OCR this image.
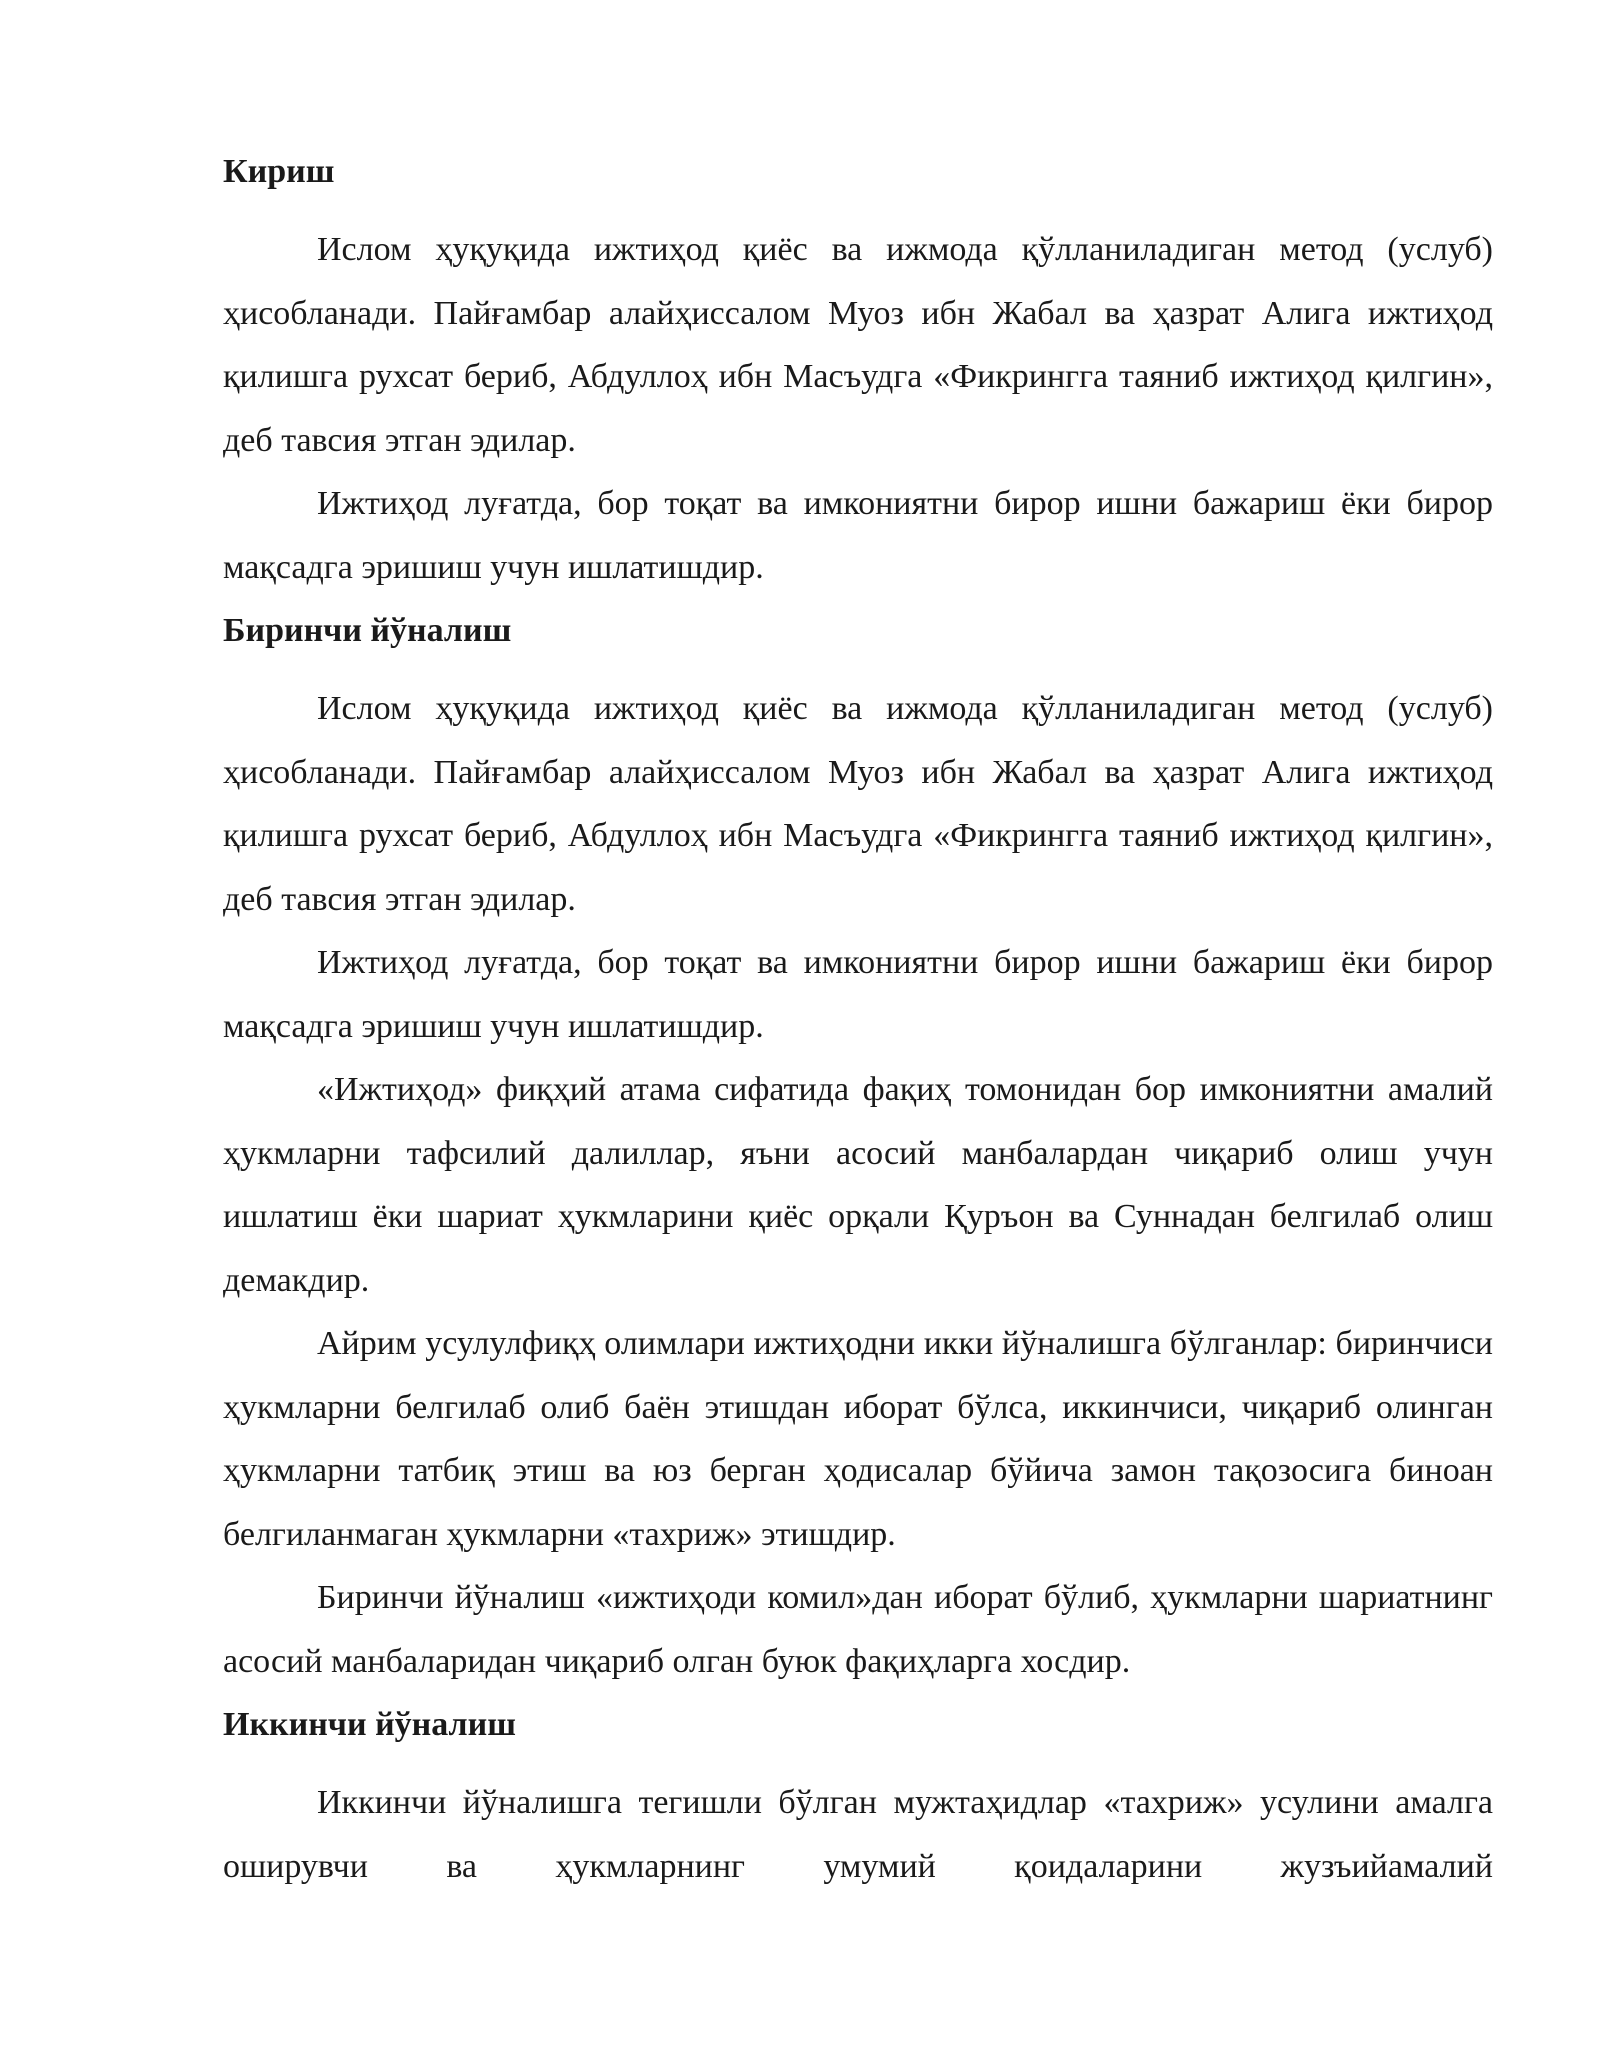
Кириш

Ислом ҳуқуқида ижтиҳод қиёс ва ижмода қўлланиладиган метод (услуб) ҳисобланади. Пайғамбар алайҳиссалом Муоз ибн Жабал ва ҳазрат Алига ижтиҳод қилишга рухсат бериб, Абдуллоҳ ибн Масъудга «Фикрингга таяниб ижтиҳод қилгин», деб тавсия этган эдилар.

Ижтиҳод луғатда, бор тоқат ва имкониятни бирор ишни бажариш ёки бирор мақсадга эришиш учун ишлатишдир.

Биринчи йўналиш

Ислом ҳуқуқида ижтиҳод қиёс ва ижмода қўлланиладиган метод (услуб) ҳисобланади. Пайғамбар алайҳиссалом Муоз ибн Жабал ва ҳазрат Алига ижтиҳод қилишга рухсат бериб, Абдуллоҳ ибн Масъудга «Фикрингга таяниб ижтиҳод қилгин», деб тавсия этган эдилар.

Ижтиҳод луғатда, бор тоқат ва имкониятни бирор ишни бажариш ёки бирор мақсадга эришиш учун ишлатишдир.

«Ижтиҳод» фиқҳий атама сифатида фақиҳ томонидан бор имкониятни амалий ҳукмларни тафсилий далиллар, яъни асосий манбалардан чиқариб олиш учун ишлатиш ёки шариат ҳукмларини қиёс орқали Қуръон ва Суннадан белгилаб олиш демакдир.

Айрим усулулфиқҳ олимлари ижтиҳодни икки йўналишга бўлганлар: биринчиси ҳукмларни белгилаб олиб баён этишдан иборат бўлса, иккинчиси, чиқариб олинган ҳукмларни татбиқ этиш ва юз берган ҳодисалар бўйича замон тақозосига биноан белгиланмаган ҳукмларни «тахриж» этишдир.

Биринчи йўналиш «ижтиҳоди комил»дан иборат бўлиб, ҳукмларни шариатнинг асосий манбаларидан чиқариб олган буюк фақиҳларга хосдир.

Иккинчи йўналиш

Иккинчи йўналишга тегишли бўлган мужтаҳидлар «тахриж» усулини амалга оширувчи ва ҳукмларнинг умумий қоидаларини жузъийамалий
